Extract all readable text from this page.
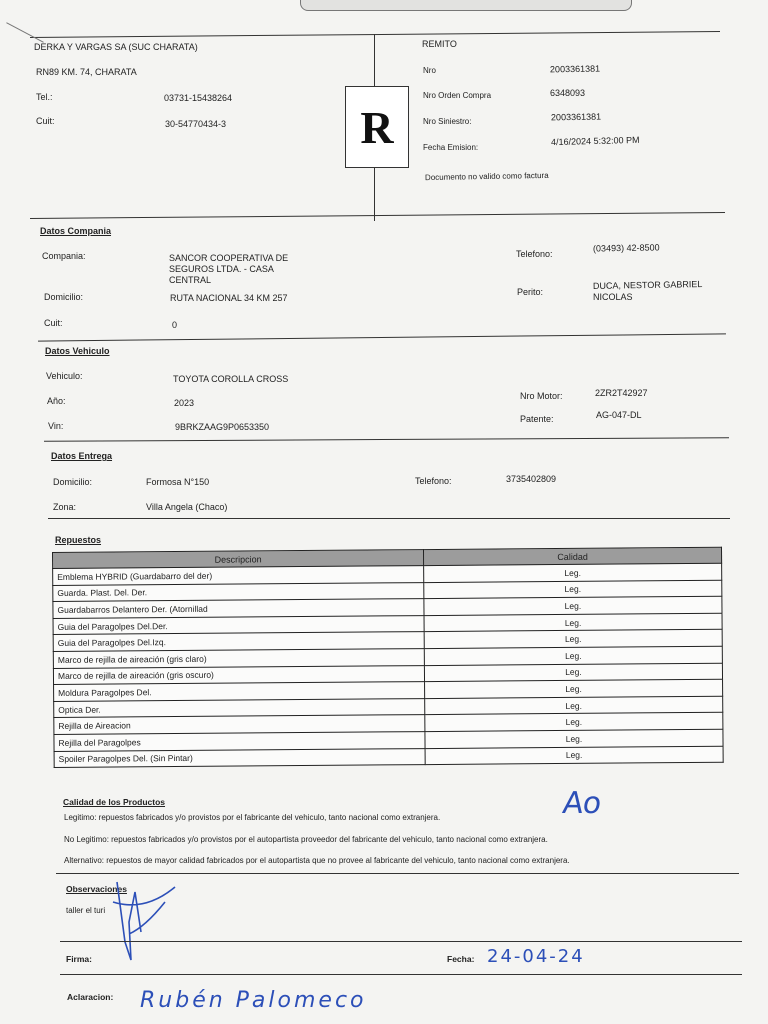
DERKA Y VARGAS SA (SUC CHARATA)
RN89 KM. 74, CHARATA
Tel.:	03731-15438264
Cuit:	30-54770434-3	R
REMITO
Nro	2003361381
Nro Orden Compra	6348093
Nro Siniestro:	2003361381
Fecha Emision:
4/16/2024 5:32:00 PM
Documento no valido como factura
Datos Compania
Compania:	SANCOR COOPERATIVA DE
SEGUROS LTDA. - CASA
CENTRAL
Domicilio:	RUTA NACIONAL 34 KM 257
Cuit:	0
Telefono:
(03493) 42-8500
Perito:
DUCA, NESTOR GABRIEL
NICOLAS
Datos Vehiculo
Vehiculo:	TOYOTA COROLLA CROSS
Año:	2023
Vin:	9BRKZAAG9P0653350
Nro Motor:	2ZR2T42927
Patente:	AG-047-DL
Datos Entrega
Domicilio:	Formosa N°150
Zona:	Villa Angela (Chaco)
Telefono:	3735402809
Repuestos
Descripcion	Calidad
Emblema HYBRID (Guardabarro del der)	Leg.
Guarda. Plast. Del. Der.	Leg.
Guardabarros Delantero Der. (Atornillad	Leg.
Guia del Paragolpes Del.Der.	Leg.
Guia del Paragolpes Del.Izq.	Leg.
Marco de rejilla de aireación (gris claro)	Leg.
Marco de rejilla de aireación (gris oscuro)	Leg.
Moldura Paragolpes Del.	Leg.
Optica Der.	Leg.
Rejilla de Aireacion	Leg.
Rejilla del Paragolpes	Leg.
Spoiler Paragolpes Del. (Sin Pintar)	Leg.
Calidad de los Productos
Legitimo: repuestos fabricados y/o provistos por el fabricante del vehiculo, tanto nacional como extranjera.
No Legitimo: repuestos fabricados y/o provistos por el autopartista proveedor del fabricante del vehiculo, tanto nacional como extranjera.
Alternativo: repuestos de mayor calidad fabricados por el autopartista que no provee al fabricante del vehiculo, tanto nacional como extranjera.
Ao
Observaciones
taller el turi
Firma:	Fecha: 24-04-24
Aclaracion: Rubén Palomeco
